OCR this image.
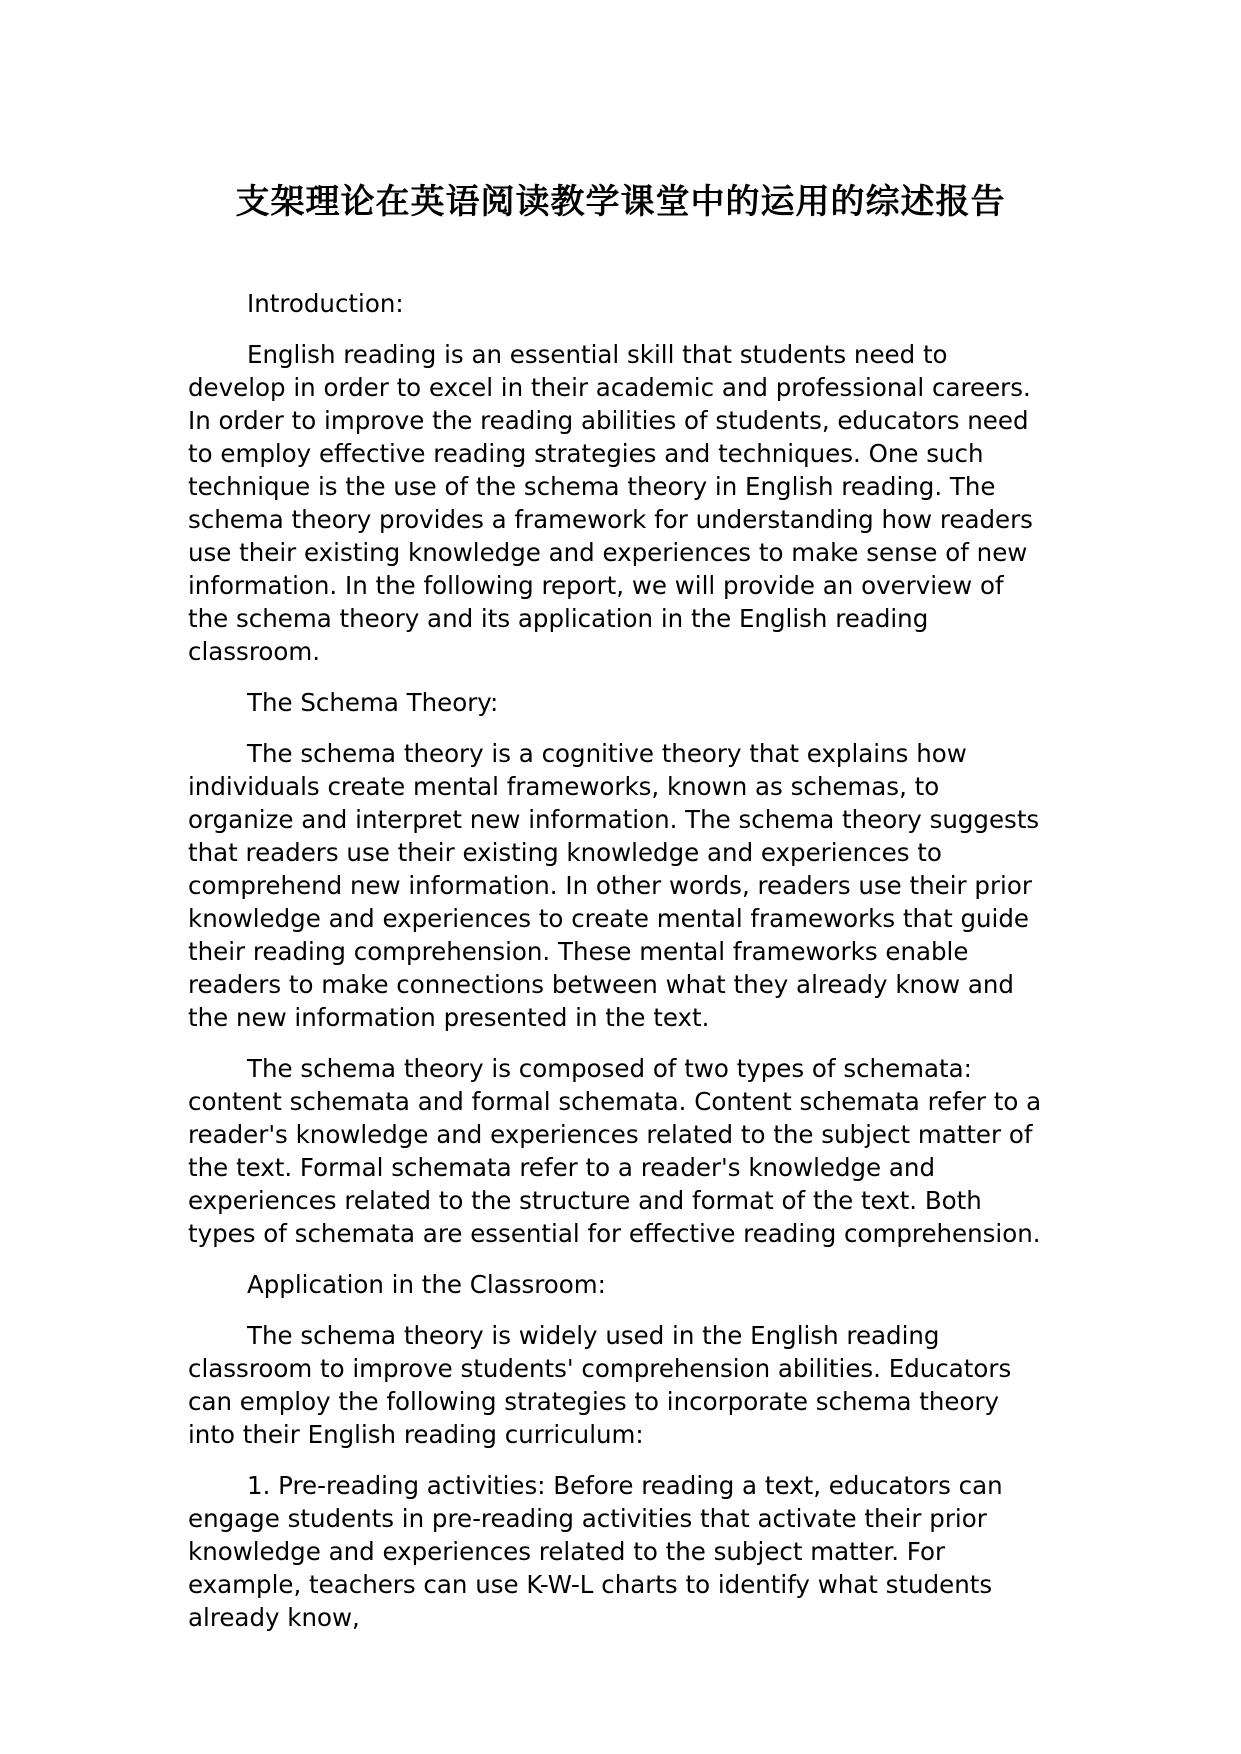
支架理论在英语阅读教学课堂中的运用的综述报告

Introduction:

English reading is an essential skill that students need to develop in order to excel in their academic and professional careers. In order to improve the reading abilities of students, educators need to employ effective reading strategies and techniques. One such technique is the use of the schema theory in English reading. The schema theory provides a framework for understanding how readers use their existing knowledge and experiences to make sense of new information. In the following report, we will provide an overview of the schema theory and its application in the English reading classroom.

The Schema Theory:

The schema theory is a cognitive theory that explains how individuals create mental frameworks, known as schemas, to organize and interpret new information. The schema theory suggests that readers use their existing knowledge and experiences to comprehend new information. In other words, readers use their prior knowledge and experiences to create mental frameworks that guide their reading comprehension. These mental frameworks enable readers to make connections between what they already know and the new information presented in the text.

The schema theory is composed of two types of schemata: content schemata and formal schemata. Content schemata refer to a reader's knowledge and experiences related to the subject matter of the text. Formal schemata refer to a reader's knowledge and experiences related to the structure and format of the text. Both types of schemata are essential for effective reading comprehension.

Application in the Classroom:

The schema theory is widely used in the English reading classroom to improve students' comprehension abilities. Educators can employ the following strategies to incorporate schema theory into their English reading curriculum:

1. Pre-reading activities: Before reading a text, educators can engage students in pre-reading activities that activate their prior knowledge and experiences related to the subject matter. For example, teachers can use K-W-L charts to identify what students already know,
